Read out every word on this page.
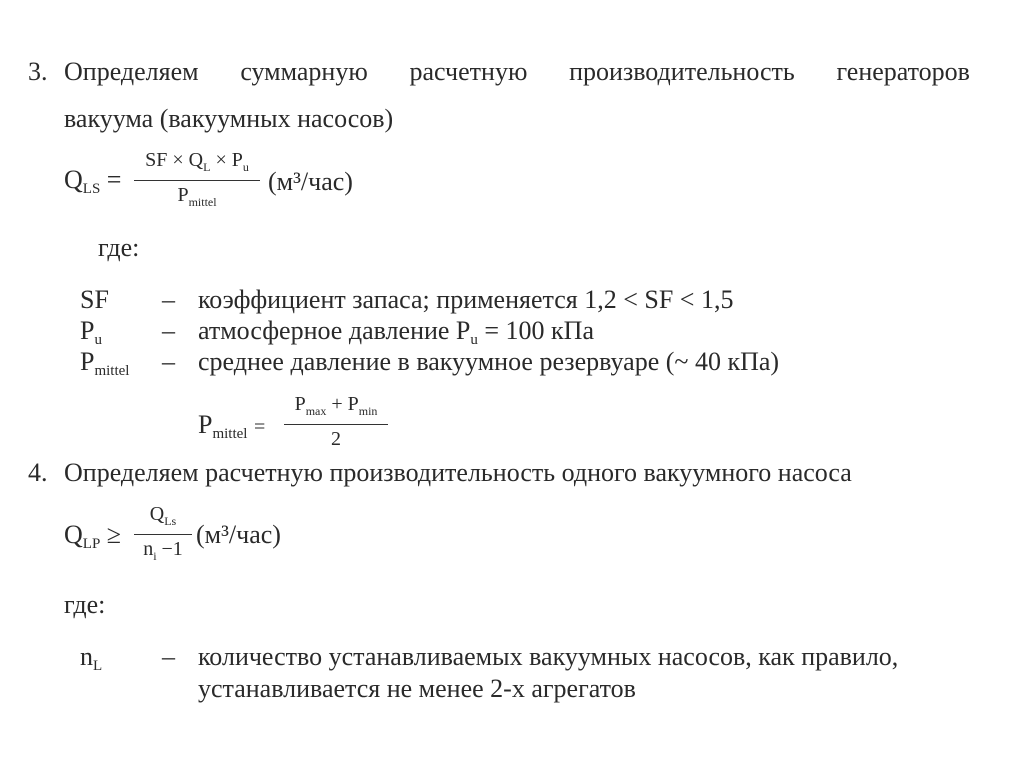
3. Определяем суммарную расчетную производительность генераторов
вакуума (вакуумных насосов)
$Q_{LS}$ =
SF × $Q_L \times P_u$
$P_{mittel}$
(м³/час)
где:
SF – коэффициент запаса; применяется 1,2 < SF < 1,5
$P_u$ – атмосферное давление $P_u = 100$ кПа
$P_{mittel}$ – среднее давление в вакуумное резервуаре (~ 40 кПа)
$P_{mittel}$ =
$P_{max} + P_{min}$
2
4. Определяем расчетную производительность одного вакуумного насоса
$Q_{LP}$ ≥
$Q_{Ls}$
$n_i -1$ (м³/час)
где:
$n_L$ – количество устанавливаемых вакуумных насосов, как правило,
устанавливается не менее 2-х агрегатов
